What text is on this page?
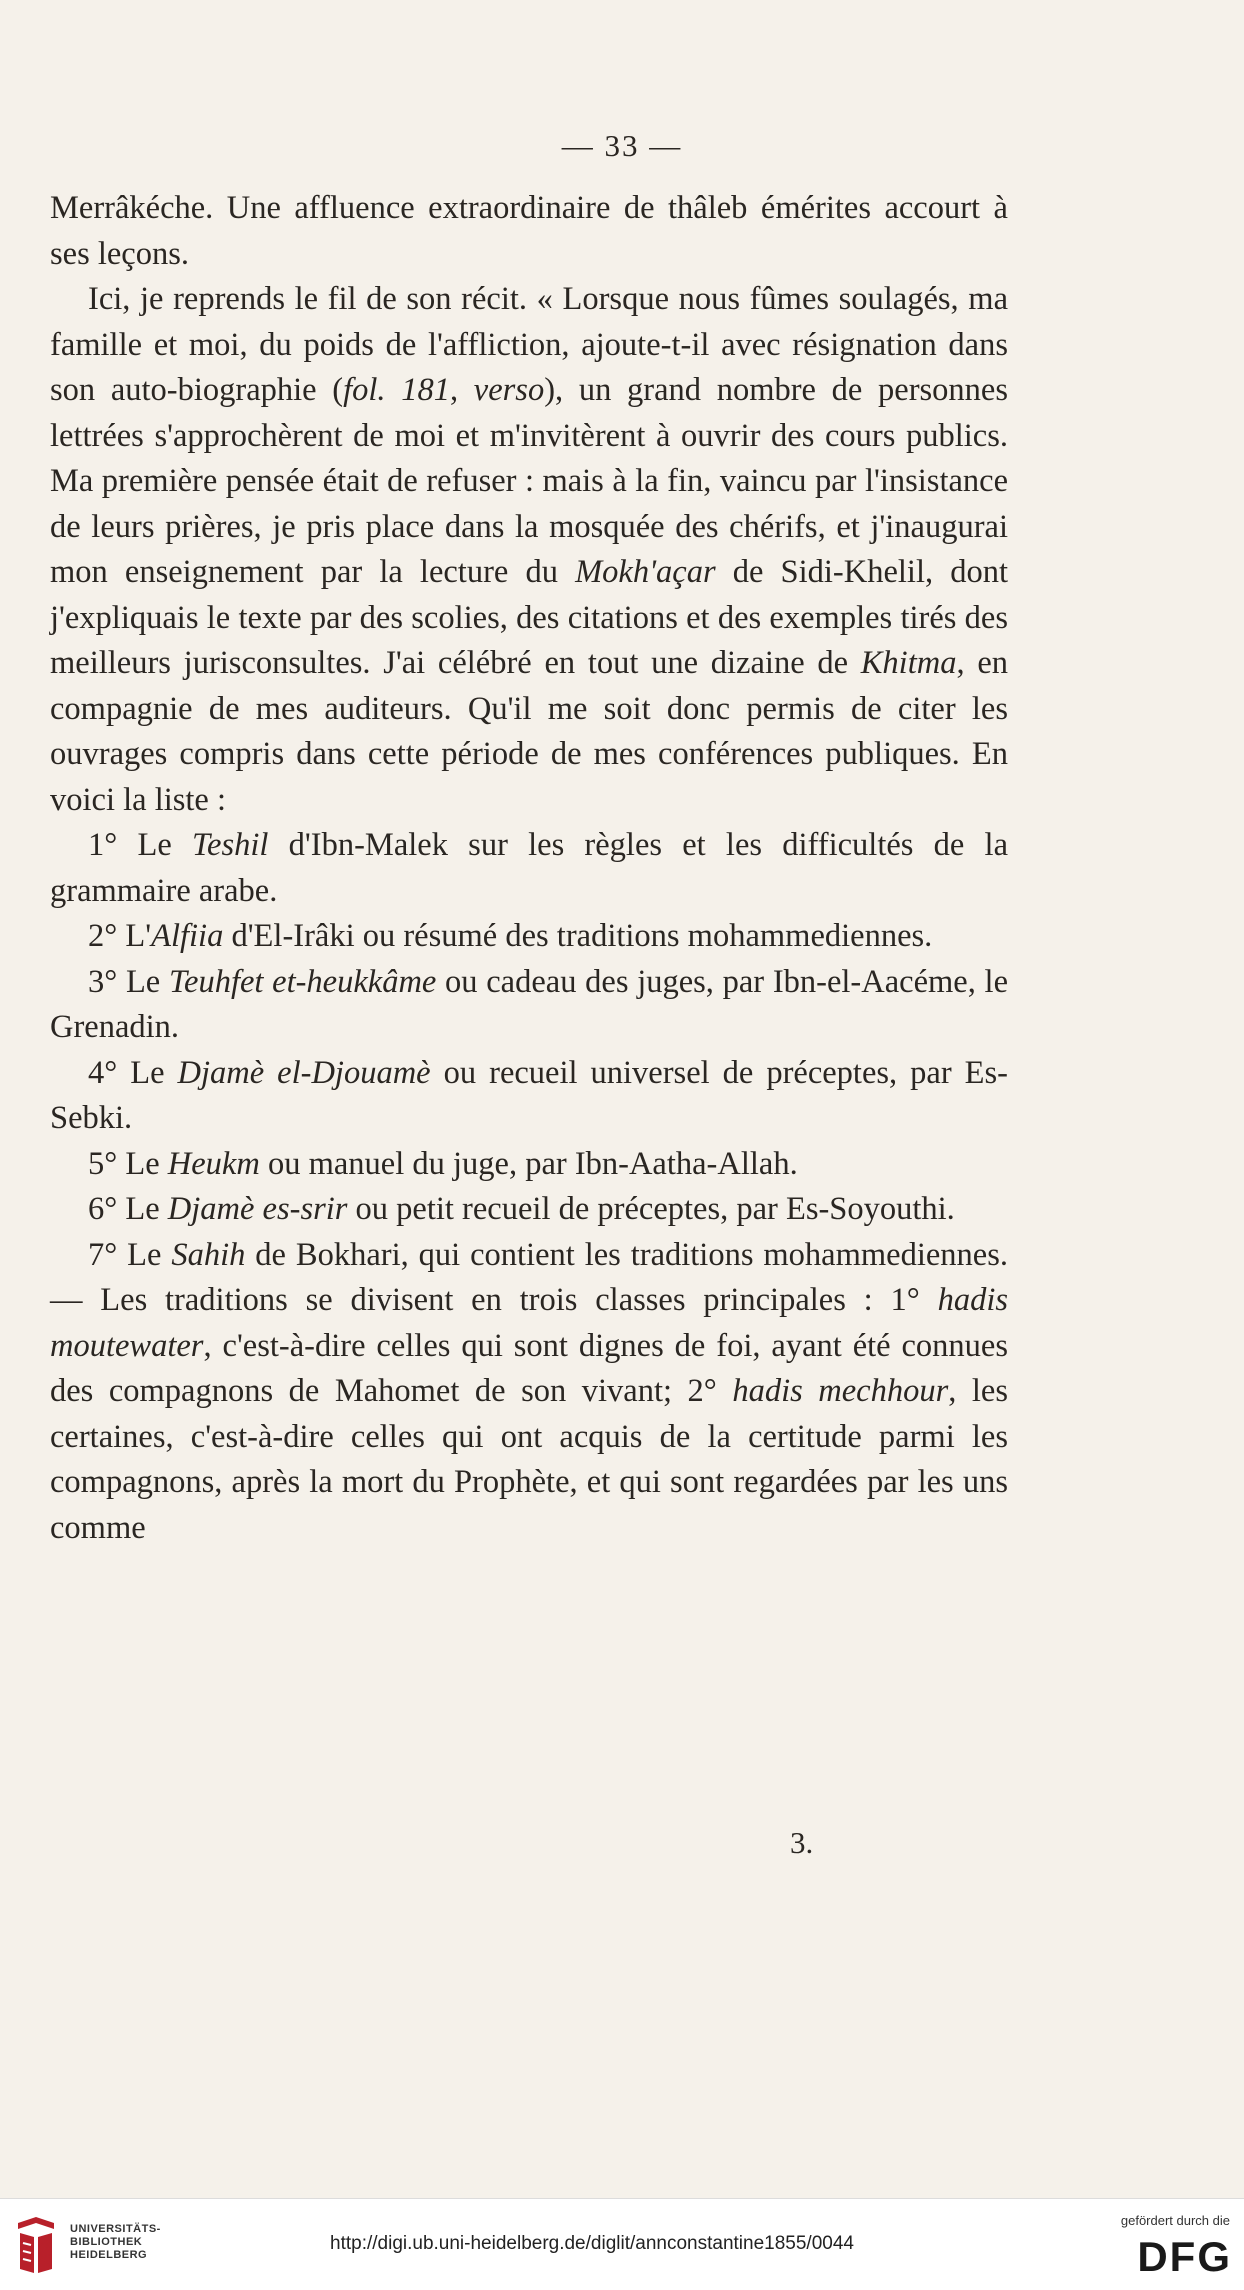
— 33 —

Merrâkéche. Une affluence extraordinaire de thâleb émérites accourt à ses leçons.

Ici, je reprends le fil de son récit. « Lorsque nous fûmes soulagés, ma famille et moi, du poids de l'affliction, ajoute-t-il avec résignation dans son auto-biographie (fol. 181, verso), un grand nombre de personnes lettrées s'approchèrent de moi et m'invitèrent à ouvrir des cours publics. Ma première pensée était de refuser : mais à la fin, vaincu par l'insistance de leurs prières, je pris place dans la mosquée des chérifs, et j'inaugurai mon enseignement par la lecture du Mokh'açar de Sidi-Khelil, dont j'expliquais le texte par des scolies, des citations et des exemples tirés des meilleurs jurisconsultes. J'ai célébré en tout une dizaine de Khitma, en compagnie de mes auditeurs. Qu'il me soit donc permis de citer les ouvrages compris dans cette période de mes conférences publiques. En voici la liste :

1° Le Teshil d'Ibn-Malek sur les règles et les difficultés de la grammaire arabe.

2° L'Alfiia d'El-Irâki ou résumé des traditions mohammediennes.

3° Le Teuhfet et-heukkâme ou cadeau des juges, par Ibn-el-Aacéme, le Grenadin.

4° Le Djamè el-Djouamè ou recueil universel de préceptes, par Es-Sebki.

5° Le Heukm ou manuel du juge, par Ibn-Aatha-Allah.

6° Le Djamè es-srir ou petit recueil de préceptes, par Es-Soyouthi.

7° Le Sahih de Bokhari, qui contient les traditions mohammediennes. — Les traditions se divisent en trois classes principales : 1° hadis moutewater, c'est-à-dire celles qui sont dignes de foi, ayant été connues des compagnons de Mahomet de son vivant; 2° hadis mechhour, les certaines, c'est-à-dire celles qui ont acquis de la certitude parmi les compagnons, après la mort du Prophète, et qui sont regardées par les uns comme

3.
UNIVERSITÄTS-
BIBLIOTHEK
HEIDELBERG
http://digi.ub.uni-heidelberg.de/diglit/annconstantine1855/0044
gefördert durch die
DFG
